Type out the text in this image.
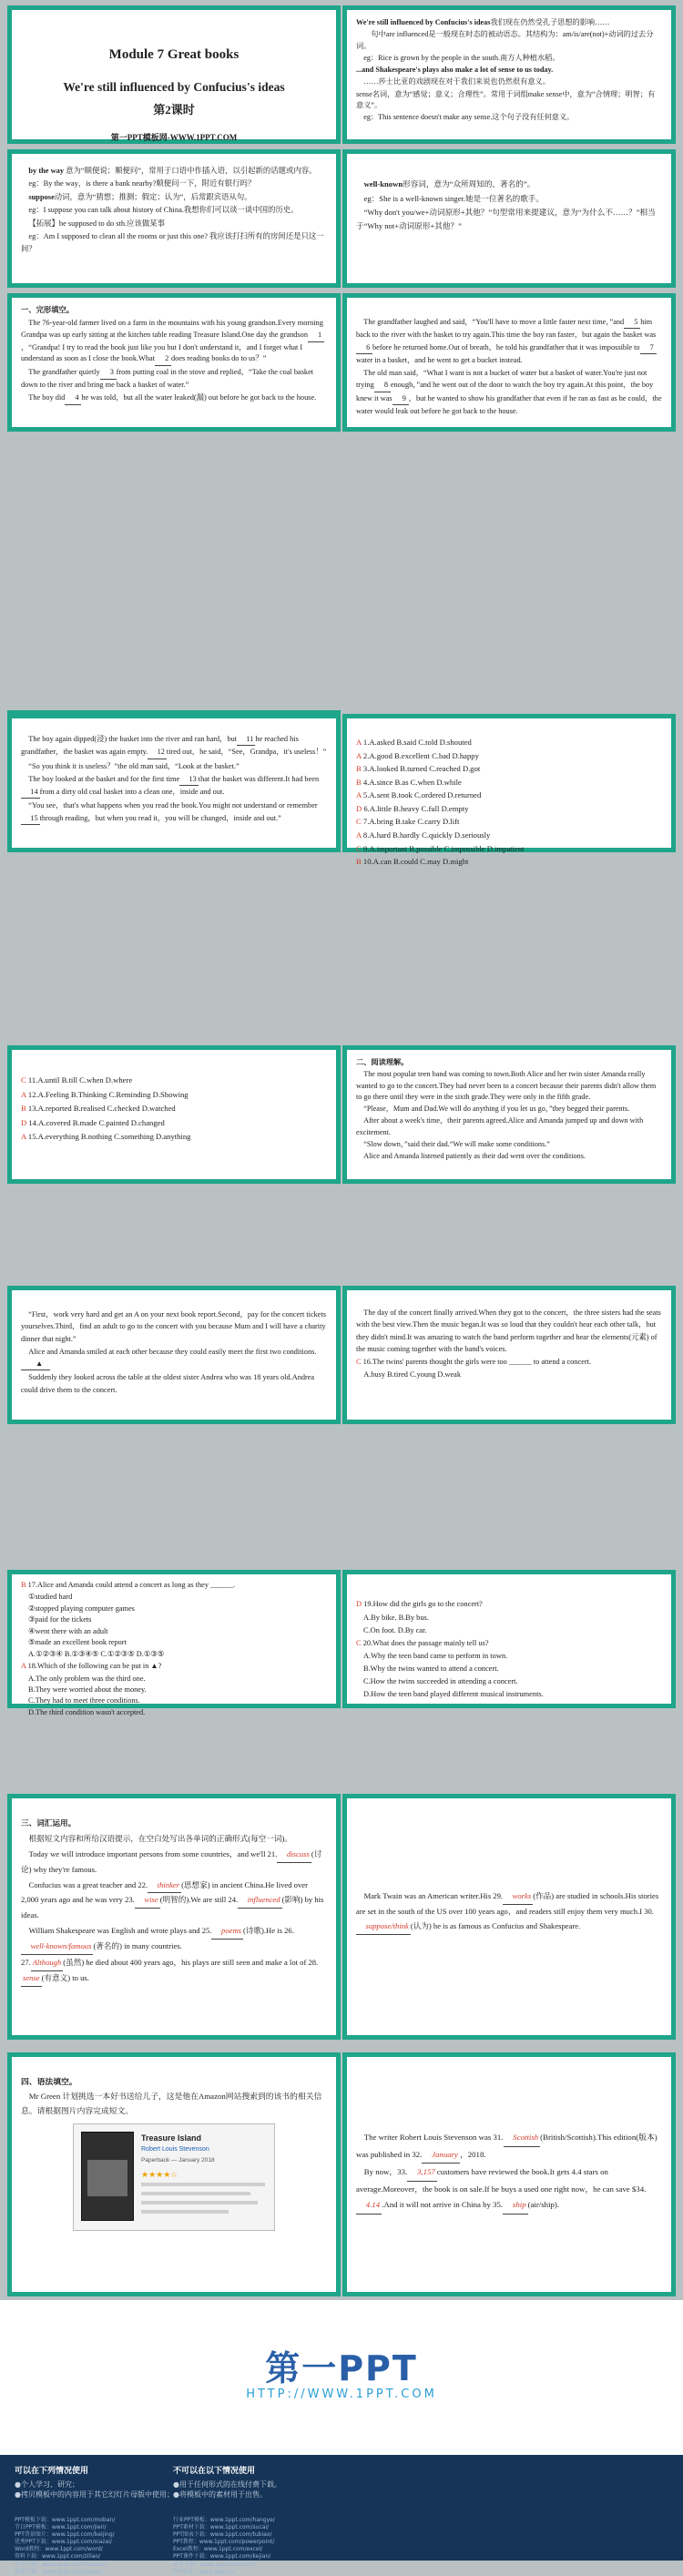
Module 7 Great books

We're still influenced by Confucius's ideas

第2课时

第一PPT模板网-WWW.1PPT.COM

We're still influenced by Confucius's ideas我们现在仍然受孔子思想的影响……

句中are influenced是一般现在时态的被动语态。其结构为：am/is/are(not)+动词的过去分词。

eg：Rice is grown by the people in the south.南方人种植水稻。

...and Shakespeare's plays also make a lot of sense to us today.

……莎士比亚的戏剧现在对于我们来说也仍然很有意义。

sense名词，意为“感觉；意义；合理性”。常用于词组make sense中，意为“合情理；明智；有意义”。

eg：This sentence doesn't make any sense.这个句子没有任何意义。

by the way 意为“顺便说；顺便问”，常用于口语中作插入语，以引起新的话题或内容。

eg：By the way，is there a bank nearby?顺便问一下，附近有银行吗？

suppose动词，意为“猜想；推测；假定；认为”，后常跟宾语从句。

eg：I suppose you can talk about history of China.我想你们可以谈一谈中国的历史。

【拓展】be supposed to do sth.应该做某事

eg：Am I supposed to clean all the rooms or just this one? 我应该打扫所有的房间还是只这一间？

well-known形容词，意为“众所周知的，著名的”。

eg：She is a well-known singer.她是一位著名的歌手。

“Why don't you/we+动词原形+其他？”句型常用来提建议，意为“为什么不……？”相当于“Why not+动词原形+其他？”

一、完形填空。

The 76-year-old farmer lived on a farm in the mountains with his young grandson.Every morning Grandpa was up early sitting at the kitchen table reading Treasure Island.One day the grandson 1，“Grandpa! I try to read the book just like you but I don't understand it，and I forget what I understand as soon as I close the book.What 2 does reading books do to us？”

The grandfather quietly 3 from putting coal in the stove and replied，“Take the coal basket down to the river and bring me back a basket of water.”

The boy did 4 he was told，but all the water leaked(漏) out before he got back to the house.

The grandfather laughed and said，“You'll have to move a little faster next time，”and 5 him back to the river with the basket to try again.This time the boy ran faster，but again the basket was6 before he returned home.Out of breath，he told his grandfather that it was impossible to 7water in a basket，and he went to get a bucket instead.

The old man said，“What I want is not a bucket of water but a basket of water.You're just not trying 8 enough，”and he went out of the door to watch the boy try again.At this point，the boy knew it was 9 ，but he wanted to show his grandfather that even if he ran as fast as he could，the water would leak out before he got back to the house.

The boy again dipped(浸) the basket into the river and ran hard，but 11 he reached his grandfather，the basket was again empty. 12 tired out，he said，“See，Grandpa，it's useless！”

“So you think it is useless？”the old man said，“Look at the basket.”

The boy looked at the basket and for the first time 13 that the basket was different.It had been14 from a dirty old coal basket into a clean one，inside and out.

“You see，that's what happens when you read the book.You might not understand or remember15 through reading，but when you read it，you will be changed，inside and out.”

A 1.A.asked B.said C.told D.shouted

A 2.A.good B.excellent C.bad D.happy

B 3.A.looked B.turned C.reached D.got

B 4.A.since B.as C.when D.while

A 5.A.sent B.took C.ordered D.returned

D 6.A.little B.heavy C.full D.empty

C 7.A.bring B.take C.carry D.lift

A 8.A.hard B.hardly C.quickly D.seriously

C 9.A.important B.possible C.impossible D.impatient

B 10.A.can B.could C.may D.might

C 11.A.until B.till C.when D.where

A 12.A.Feeling B.Thinking C.Reminding D.Showing

B 13.A.reported B.realised C.checked D.watched

D 14.A.covered B.made C.painted D.changed

A 15.A.everything B.nothing C.something D.anything

二、阅读理解。

The most popular teen band was coming to town.Both Alice and her twin sister Amanda really wanted to go to the concert.They had never been to a concert because their parents didn't allow them to go there until they were in the sixth grade.They were only in the fifth grade.

“Please，Mum and Dad.We will do anything if you let us go，”they begged their parents.

After about a week's time，their parents agreed.Alice and Amanda jumped up and down with excitement.

“Slow down，”said their dad.“We will make some conditions.”

Alice and Amanda listened patiently as their dad went over the conditions.

“First，work very hard and get an A on your next book report.Second，pay for the concert tickets yourselves.Third，find an adult to go to the concert with you because Mum and I will have a charity dinner that night.”

Alice and Amanda smiled at each other because they could easily meet the first two conditions.▲

Suddenly they looked across the table at the oldest sister Andrea who was 18 years old.Andrea could drive them to the concert.

The day of the concert finally arrived.When they got to the concert，the three sisters had the seats with the best view.Then the music began.It was so loud that they couldn't hear each other talk，but they didn't mind.It was amazing to watch the band perform together and hear the elements(元素) of the music coming together with the band's voices.

C 16.The twins' parents thought the girls were too ______ to attend a concert.

A.busy B.tired C.young D.weak

B 17.Alice and Amanda could attend a concert as long as they ______.

①studied hard

②stopped playing computer games

③paid for the tickets

④went there with an adult

⑤made an excellent book report

A.①②③④ B.①③④⑤ C.①②③⑤ D.①③⑤

A 18.Which of the following can be put in ▲?

A.The only problem was the third one.

B.They were worried about the money.

C.They had to meet three conditions.

D.The third condition wasn't accepted.

D 19.How did the girls go to the concert?

A.By bike. B.By bus.

C.On foot. D.By car.

C 20.What does the passage mainly tell us?

A.Why the teen band came to perform in town.

B.Why the twins wanted to attend a concert.

C.How the twins succeeded in attending a concert.

D.How the teen band played different musical instruments.

三、词汇运用。

根据短文内容和所给汉语提示，在空白处写出各单词的正确形式(每空一词)。

Today we will introduce important persons from some countries，and we'll 21. discuss (讨论) why they're famous.

Confucius was a great teacher and 22. thinker (思想家) in ancient China.He lived over 2,000 years ago and he was very 23. wise (明智的).We are still 24. influenced (影响) by his ideas.

William Shakespeare was English and wrote plays and 25. poems (诗歌).He is 26.well-known/famous (著名的) in many countries.

27. Although (虽然) he died about 400 years ago，his plays are still seen and make a lot of 28.sense (有意义) to us.

Mark Twain was an American writer.His 29. works (作品) are studied in schools.His stories are set in the south of the US over 100 years ago，and readers still enjoy them very much.I 30.suppose/think (认为) he is as famous as Confucius and Shakespeare.

四、语法填空。

Mr Green 计划挑选一本好书送给儿子，这是他在Amazon网站搜索到的该书的相关信息。请根据图片内容完成短文。

Treasure Island
Robert Louis Stevenson
Paperback — January 2018
★★★★☆

The writer Robert Louis Stevenson was 31. Scottish (British/Scottish).This edition(版本) was published in 32. January ，2018.

By now，33. 3,157 customers have reviewed the book.It gets 4.4 stars on average.Moreover，the book is on sale.If he buys a used one right now，he can save $34.4.14 .And it will not arrive in China by 35. ship (air/ship).

第一PPT
HTTP://WWW.1PPT.COM
可以在下列情况使用

●个人学习、研究；

●拷贝模板中的内容用于其它幻灯片母版中使用；

不可以在以下情况使用

●用于任何形式的在线付费下载。

●将模板中的素材用于出售。

PPT模板下载：www.1ppt.com/moban/

节日PPT模板：www.1ppt.com/jieri/

PPT背景图片：www.1ppt.com/beijing/

优秀PPT下载：www.1ppt.com/xiazai/

Word教程：www.1ppt.com/word/

资料下载：www.1ppt.com/ziliao/

范文下载：www.1ppt.com/fanwen/

教案下载：www.1ppt.com/jiaoan/

行业PPT模板：www.1ppt.com/hangye/

PPT素材下载：www.1ppt.com/sucai/

PPT图表下载：www.1ppt.com/tubiao/

PPT教程：www.1ppt.com/powerpoint/

Excel教程：www.1ppt.com/excel/

PPT课件下载：www.1ppt.com/kejian/

试卷下载：www.1ppt.com/shiti/

PPT论坛：www.1ppt.cn
